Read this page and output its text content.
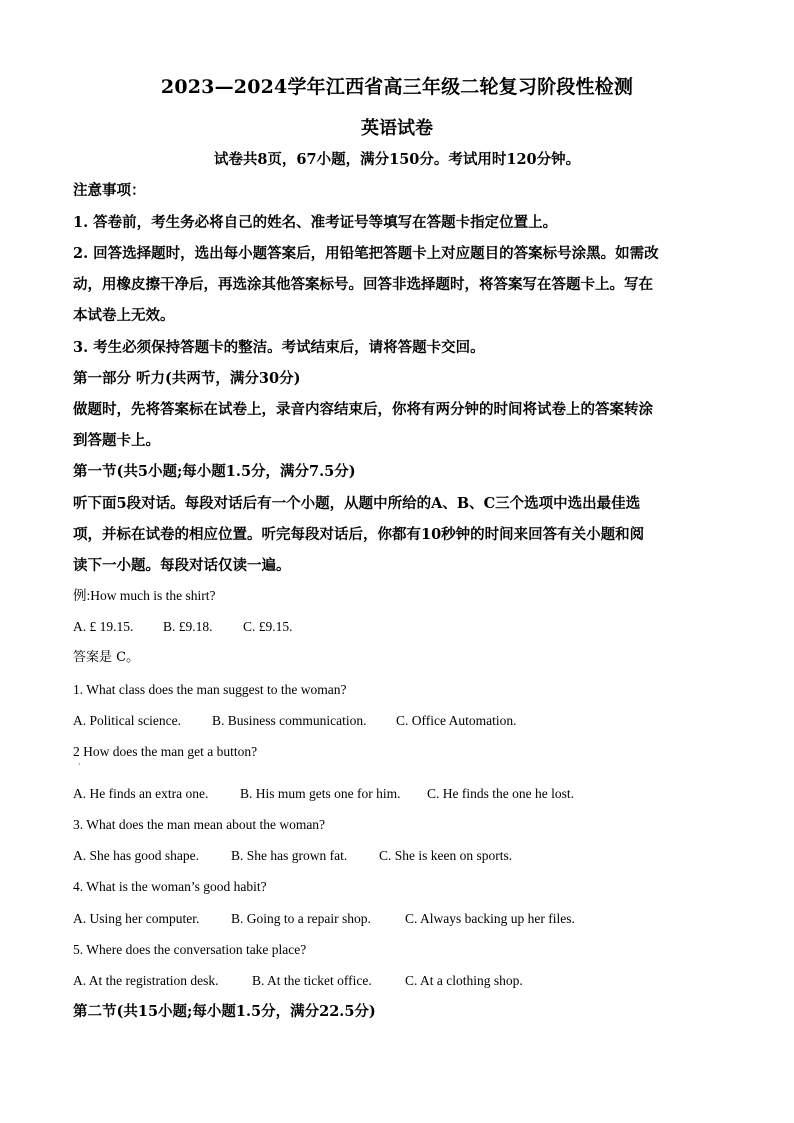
2023—2024学年江西省高三年级二轮复习阶段性检测
英语试卷
试卷共8页，67小题，满分150分。考试用时120分钟。
注意事项：
1. 答卷前，考生务必将自己的姓名、准考证号等填写在答题卡指定位置上。
2. 回答选择题时，选出每小题答案后，用铅笔把答题卡上对应题目的答案标号涂黑。如需改
动，用橡皮擦干净后，再选涂其他答案标号。回答非选择题时，将答案写在答题卡上。写在
本试卷上无效。
3. 考生必须保持答题卡的整洁。考试结束后，请将答题卡交回。
第一部分 听力(共两节，满分30分)
做题时，先将答案标在试卷上，录音内容结束后，你将有两分钟的时间将试卷上的答案转涂
到答题卡上。
第一节(共5小题;每小题1.5分，满分7.5分)
听下面5段对话。每段对话后有一个小题，从题中所给的A、B、C三个选项中选出最佳选
项，并标在试卷的相应位置。听完每段对话后，你都有10秒钟的时间来回答有关小题和阅
读下一小题。每段对话仅读一遍。
例:How much is the shirt?
A. £ 19.15. B. £9.18. C. £9.15.
答案是 C。
1. What class does the man suggest to the woman?
A. Political science. B. Business communication. C. Office Automation.
2 How does the man get a button?
·
A. He finds an extra one. B. His mum gets one for him. C. He finds the one he lost.
3. What does the man mean about the woman?
A. She has good shape. B. She has grown fat. C. She is keen on sports.
4. What is the woman’s good habit?
A. Using her computer. B. Going to a repair shop.	C. Always backing up her files.
5. Where does the conversation take place?
A. At the registration desk. B. At the ticket office. C. At a clothing shop.
第二节(共15小题;每小题1.5分，满分22.5分)
